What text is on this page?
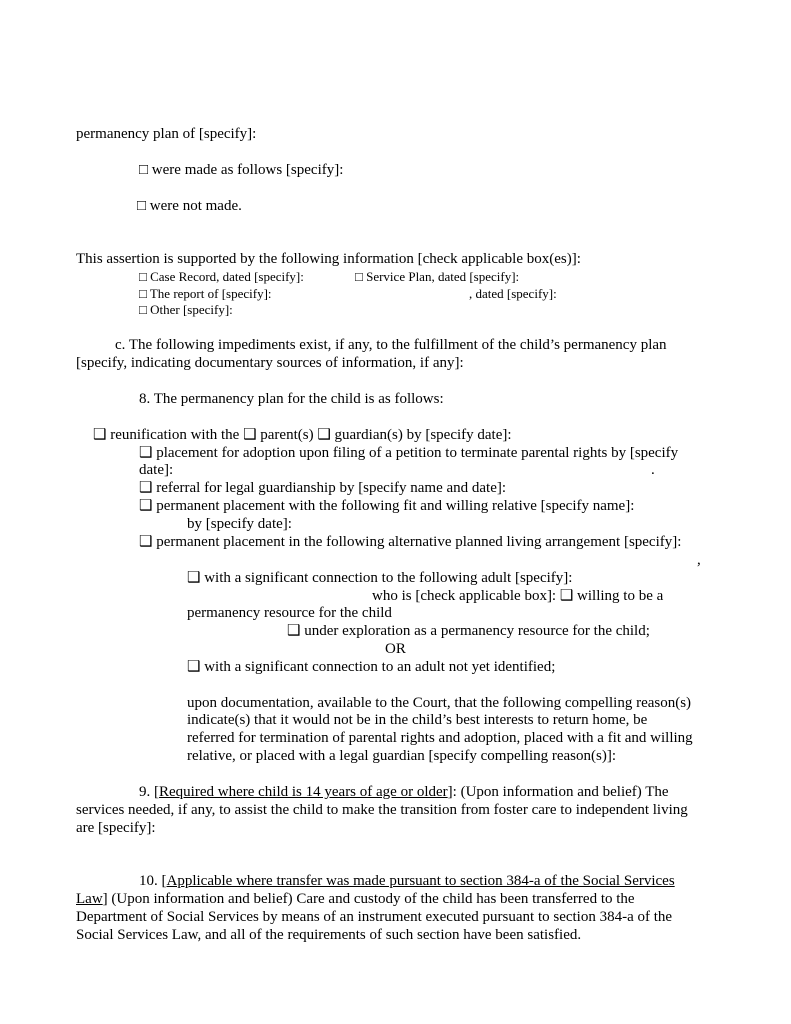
permanency plan of [specify]:
□ were made as follows [specify]:
□ were not made.
This assertion is supported by the following information [check applicable box(es)]:
□ Case Record, dated [specify]:	□ Service Plan, dated [specify]:
□ The report of [specify]:	, dated [specify]:
□ Other [specify]:
c. The following impediments exist, if any, to the fulfillment of the child’s permanency plan
[specify, indicating documentary sources of information, if any]:
8. The permanency plan for the child is as follows:
❑ reunification with the ❑ parent(s) ❑ guardian(s) by [specify date]:
❑ placement for adoption upon filing of a petition to terminate parental rights by [specify
date]:	.
❑ referral for legal guardianship by [specify name and date]:
❑ permanent placement with the following fit and willing relative [specify name]:
by [specify date]:
❑ permanent placement in the following alternative planned living arrangement [specify]:
,
❑ with a significant connection to the following adult [specify]:
who is [check applicable box]: ❑ willing to be a
permanency resource for the child
❑ under exploration as a permanency resource for the child;
OR
❑ with a significant connection to an adult not yet identified;
upon documentation, available to the Court, that the following compelling reason(s)
indicate(s) that it would not be in the child’s best interests to return home, be
referred for termination of parental rights and adoption, placed with a fit and willing
relative, or placed with a legal guardian [specify compelling reason(s)]:
9. [Required where child is 14 years of age or older]: (Upon information and belief) The
services needed, if any, to assist the child to make the transition from foster care to independent living
are [specify]:
10. [Applicable where transfer was made pursuant to section 384-a of the Social Services
Law] (Upon information and belief) Care and custody of the child has been transferred to the
Department of Social Services by means of an instrument executed pursuant to section 384-a of the
Social Services Law, and all of the requirements of such section have been satisfied.
